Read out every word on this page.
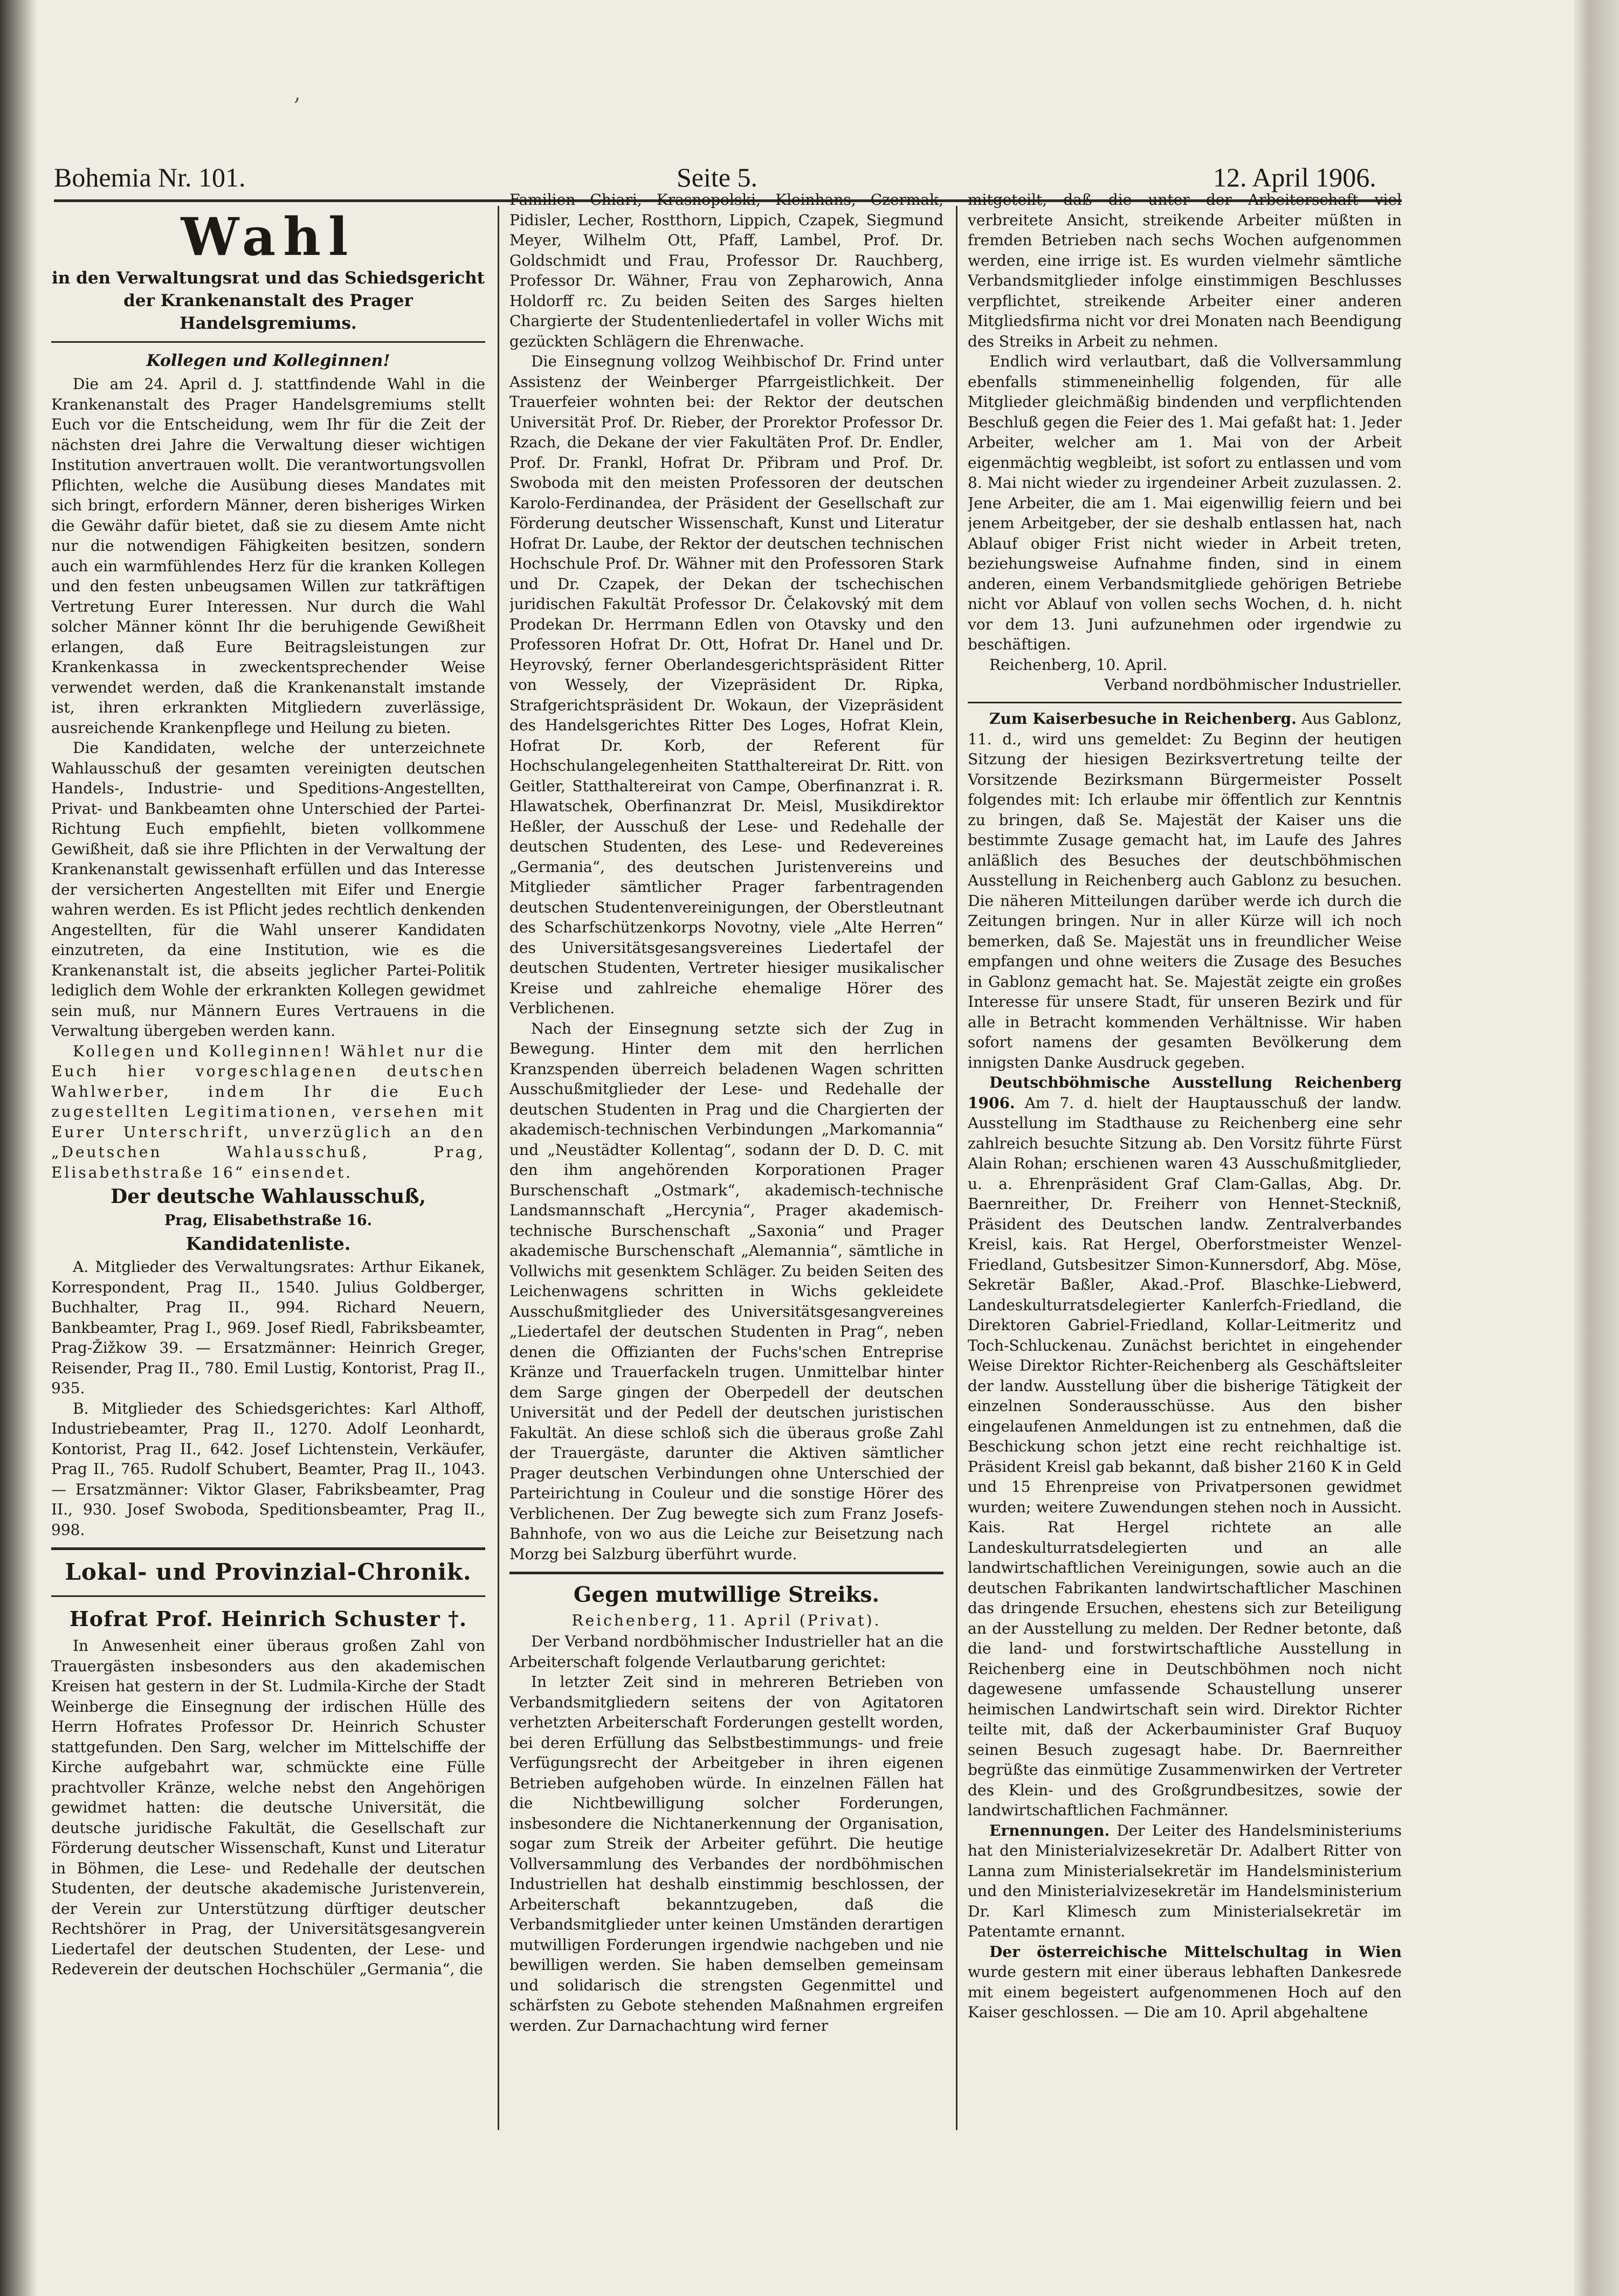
,
Bohemia Nr. 101.	Seite 5.	12. April 1906.

Wahl

in den Verwaltungsrat und das Schiedsgericht der Krankenanstalt des Prager Handelsgremiums.

Kollegen und Kolleginnen!

Die am 24. April d. J. stattfindende Wahl in die Krankenanstalt des Prager Handelsgremiums stellt Euch vor die Entscheidung, wem Ihr für die Zeit der nächsten drei Jahre die Verwaltung dieser wichtigen Institution anvertrauen wollt. Die verantwortungsvollen Pflichten, welche die Ausübung dieses Mandates mit sich bringt, erfordern Männer, deren bisheriges Wirken die Gewähr dafür bietet, daß sie zu diesem Amte nicht nur die notwendigen Fähigkeiten besitzen, sondern auch ein warmfühlendes Herz für die kranken Kollegen und den festen unbeugsamen Willen zur tatkräftigen Vertretung Eurer Interessen. Nur durch die Wahl solcher Männer könnt Ihr die beruhigende Gewißheit erlangen, daß Eure Beitragsleistungen zur Krankenkassa in zweckentsprechender Weise verwendet werden, daß die Krankenanstalt imstande ist, ihren erkrankten Mitgliedern zuverlässige, ausreichende Krankenpflege und Heilung zu bieten.

Die Kandidaten, welche der unterzeichnete Wahlausschuß der gesamten vereinigten deutschen Handels-, Industrie- und Speditions-Angestellten, Privat- und Bankbeamten ohne Unterschied der Partei-Richtung Euch empfiehlt, bieten vollkommene Gewißheit, daß sie ihre Pflichten in der Verwaltung der Krankenanstalt gewissenhaft erfüllen und das Interesse der versicherten Angestellten mit Eifer und Energie wahren werden. Es ist Pflicht jedes rechtlich denkenden Angestellten, für die Wahl unserer Kandidaten einzutreten, da eine Institution, wie es die Krankenanstalt ist, die abseits jeglicher Partei-Politik lediglich dem Wohle der erkrankten Kollegen gewidmet sein muß, nur Männern Eures Vertrauens in die Verwaltung übergeben werden kann.

Kollegen und Kolleginnen! Wählet nur die Euch hier vorgeschlagenen deutschen Wahlwerber, indem Ihr die Euch zugestellten Legitimationen, versehen mit Eurer Unterschrift, unverzüglich an den „Deutschen Wahlausschuß, Prag, Elisabethstraße 16“ einsendet.

Der deutsche Wahlausschuß,

Prag, Elisabethstraße 16.

Kandidatenliste.

A. Mitglieder des Verwaltungsrates: Arthur Eikanek, Korrespondent, Prag II., 1540. Julius Goldberger, Buchhalter, Prag II., 994. Richard Neuern, Bankbeamter, Prag I., 969. Josef Riedl, Fabriksbeamter, Prag-Žižkow 39. — Ersatzmänner: Heinrich Greger, Reisender, Prag II., 780. Emil Lustig, Kontorist, Prag II., 935.

B. Mitglieder des Schiedsgerichtes: Karl Althoff, Industriebeamter, Prag II., 1270. Adolf Leonhardt, Kontorist, Prag II., 642. Josef Lichtenstein, Verkäufer, Prag II., 765. Rudolf Schubert, Beamter, Prag II., 1043. — Ersatzmänner: Viktor Glaser, Fabriksbeamter, Prag II., 930. Josef Swoboda, Speditionsbeamter, Prag II., 998.

Lokal- und Provinzial-Chronik.

Hofrat Prof. Heinrich Schuster †.

In Anwesenheit einer überaus großen Zahl von Trauergästen insbesonders aus den akademischen Kreisen hat gestern in der St. Ludmila-Kirche der Stadt Weinberge die Einsegnung der irdischen Hülle des Herrn Hofrates Professor Dr. Heinrich Schuster stattgefunden. Den Sarg, welcher im Mittelschiffe der Kirche aufgebahrt war, schmückte eine Fülle prachtvoller Kränze, welche nebst den Angehörigen gewidmet hatten: die deutsche Universität, die deutsche juridische Fakultät, die Gesellschaft zur Förderung deutscher Wissenschaft, Kunst und Literatur in Böhmen, die Lese- und Redehalle der deutschen Studenten, der deutsche akademische Juristenverein, der Verein zur Unterstützung dürftiger deutscher Rechtshörer in Prag, der Universitätsgesangverein Liedertafel der deutschen Studenten, der Lese- und Redeverein der deutschen Hochschüler „Germania“, die

Familien Chiari, Krasnopolski, Kleinhans, Czermak, Pidisler, Lecher, Rostthorn, Lippich, Czapek, Siegmund Meyer, Wilhelm Ott, Pfaff, Lambel, Prof. Dr. Goldschmidt und Frau, Professor Dr. Rauchberg, Professor Dr. Wähner, Frau von Zepharowich, Anna Holdorff rc. Zu beiden Seiten des Sarges hielten Chargierte der Studentenliedertafel in voller Wichs mit gezückten Schlägern die Ehrenwache.

Die Einsegnung vollzog Weihbischof Dr. Frind unter Assistenz der Weinberger Pfarrgeistlichkeit. Der Trauerfeier wohnten bei: der Rektor der deutschen Universität Prof. Dr. Rieber, der Prorektor Professor Dr. Rzach, die Dekane der vier Fakultäten Prof. Dr. Endler, Prof. Dr. Frankl, Hofrat Dr. Přibram und Prof. Dr. Swoboda mit den meisten Professoren der deutschen Karolo-Ferdinandea, der Präsident der Gesellschaft zur Förderung deutscher Wissenschaft, Kunst und Literatur Hofrat Dr. Laube, der Rektor der deutschen technischen Hochschule Prof. Dr. Wähner mit den Professoren Stark und Dr. Czapek, der Dekan der tschechischen juridischen Fakultät Professor Dr. Čelakovský mit dem Prodekan Dr. Herrmann Edlen von Otavsky und den Professoren Hofrat Dr. Ott, Hofrat Dr. Hanel und Dr. Heyrovský, ferner Oberlandesgerichtspräsident Ritter von Wessely, der Vizepräsident Dr. Ripka, Strafgerichtspräsident Dr. Wokaun, der Vizepräsident des Handelsgerichtes Ritter Des Loges, Hofrat Klein, Hofrat Dr. Korb, der Referent für Hochschulangelegenheiten Statthaltereirat Dr. Ritt. von Geitler, Statthaltereirat von Campe, Oberfinanzrat i. R. Hlawatschek, Oberfinanzrat Dr. Meisl, Musikdirektor Heßler, der Ausschuß der Lese- und Redehalle der deutschen Studenten, des Lese- und Redevereines „Germania“, des deutschen Juristenvereins und Mitglieder sämtlicher Prager farbentragenden deutschen Studentenvereinigungen, der Oberstleutnant des Scharfschützenkorps Novotny, viele „Alte Herren“ des Universitätsgesangsvereines Liedertafel der deutschen Studenten, Vertreter hiesiger musikalischer Kreise und zahlreiche ehemalige Hörer des Verblichenen.

Nach der Einsegnung setzte sich der Zug in Bewegung. Hinter dem mit den herrlichen Kranzspenden überreich beladenen Wagen schritten Ausschußmitglieder der Lese- und Redehalle der deutschen Studenten in Prag und die Chargierten der akademisch-technischen Verbindungen „Markomannia“ und „Neustädter Kollentag“, sodann der D. D. C. mit den ihm angehörenden Korporationen Prager Burschenschaft „Ostmark“, akademisch-technische Landsmannschaft „Hercynia“, Prager akademisch-technische Burschenschaft „Saxonia“ und Prager akademische Burschenschaft „Alemannia“, sämtliche in Vollwichs mit gesenktem Schläger. Zu beiden Seiten des Leichenwagens schritten in Wichs gekleidete Ausschußmitglieder des Universitätsgesangvereines „Liedertafel der deutschen Studenten in Prag“, neben denen die Offizianten der Fuchs'schen Entreprise Kränze und Trauerfackeln trugen. Unmittelbar hinter dem Sarge gingen der Oberpedell der deutschen Universität und der Pedell der deutschen juristischen Fakultät. An diese schloß sich die überaus große Zahl der Trauergäste, darunter die Aktiven sämtlicher Prager deutschen Verbindungen ohne Unterschied der Parteirichtung in Couleur und die sonstige Hörer des Verblichenen. Der Zug bewegte sich zum Franz Josefs-Bahnhofe, von wo aus die Leiche zur Beisetzung nach Morzg bei Salzburg überführt wurde.

Gegen mutwillige Streiks.

Reichenberg, 11. April (Privat).

Der Verband nordböhmischer Industrieller hat an die Arbeiterschaft folgende Verlautbarung gerichtet:

In letzter Zeit sind in mehreren Betrieben von Verbandsmitgliedern seitens der von Agitatoren verhetzten Arbeiterschaft Forderungen gestellt worden, bei deren Erfüllung das Selbstbestimmungs- und freie Verfügungsrecht der Arbeitgeber in ihren eigenen Betrieben aufgehoben würde. In einzelnen Fällen hat die Nichtbewilligung solcher Forderungen, insbesondere die Nichtanerkennung der Organisation, sogar zum Streik der Arbeiter geführt. Die heutige Vollversammlung des Verbandes der nordböhmischen Industriellen hat deshalb einstimmig beschlossen, der Arbeiterschaft bekanntzugeben, daß die Verbandsmitglieder unter keinen Umständen derartigen mutwilligen Forderungen irgendwie nachgeben und nie bewilligen werden. Sie haben demselben gemeinsam und solidarisch die strengsten Gegenmittel und schärfsten zu Gebote stehenden Maßnahmen ergreifen werden. Zur Darnachachtung wird ferner

mitgeteilt, daß die unter der Arbeiterschaft viel verbreitete Ansicht, streikende Arbeiter müßten in fremden Betrieben nach sechs Wochen aufgenommen werden, eine irrige ist. Es wurden vielmehr sämtliche Verbandsmitglieder infolge einstimmigen Beschlusses verpflichtet, streikende Arbeiter einer anderen Mitgliedsfirma nicht vor drei Monaten nach Beendigung des Streiks in Arbeit zu nehmen.

Endlich wird verlautbart, daß die Vollversammlung ebenfalls stimmeneinhellig folgenden, für alle Mitglieder gleichmäßig bindenden und verpflichtenden Beschluß gegen die Feier des 1. Mai gefaßt hat: 1. Jeder Arbeiter, welcher am 1. Mai von der Arbeit eigenmächtig wegbleibt, ist sofort zu entlassen und vom 8. Mai nicht wieder zu irgendeiner Arbeit zuzulassen. 2. Jene Arbeiter, die am 1. Mai eigenwillig feiern und bei jenem Arbeitgeber, der sie deshalb entlassen hat, nach Ablauf obiger Frist nicht wieder in Arbeit treten, beziehungsweise Aufnahme finden, sind in einem anderen, einem Verbandsmitgliede gehörigen Betriebe nicht vor Ablauf von vollen sechs Wochen, d. h. nicht vor dem 13. Juni aufzunehmen oder irgendwie zu beschäftigen.

Reichenberg, 10. April.

Verband nordböhmischer Industrieller.

Zum Kaiserbesuche in Reichenberg. Aus Gablonz, 11. d., wird uns gemeldet: Zu Beginn der heutigen Sitzung der hiesigen Bezirksvertretung teilte der Vorsitzende Bezirksmann Bürgermeister Posselt folgendes mit: Ich erlaube mir öffentlich zur Kenntnis zu bringen, daß Se. Majestät der Kaiser uns die bestimmte Zusage gemacht hat, im Laufe des Jahres anläßlich des Besuches der deutschböhmischen Ausstellung in Reichenberg auch Gablonz zu besuchen. Die näheren Mitteilungen darüber werde ich durch die Zeitungen bringen. Nur in aller Kürze will ich noch bemerken, daß Se. Majestät uns in freundlicher Weise empfangen und ohne weiters die Zusage des Besuches in Gablonz gemacht hat. Se. Majestät zeigte ein großes Interesse für unsere Stadt, für unseren Bezirk und für alle in Betracht kommenden Verhältnisse. Wir haben sofort namens der gesamten Bevölkerung dem innigsten Danke Ausdruck gegeben.

Deutschböhmische Ausstellung Reichenberg 1906. Am 7. d. hielt der Hauptausschuß der landw. Ausstellung im Stadthause zu Reichenberg eine sehr zahlreich besuchte Sitzung ab. Den Vorsitz führte Fürst Alain Rohan; erschienen waren 43 Ausschußmitglieder, u. a. Ehrenpräsident Graf Clam-Gallas, Abg. Dr. Baernreither, Dr. Freiherr von Hennet-Steckniß, Präsident des Deutschen landw. Zentralverbandes Kreisl, kais. Rat Hergel, Oberforstmeister Wenzel-Friedland, Gutsbesitzer Simon-Kunnersdorf, Abg. Möse, Sekretär Baßler, Akad.-Prof. Blaschke-Liebwerd, Landeskulturratsdelegierter Kanlerfch-Friedland, die Direktoren Gabriel-Friedland, Kollar-Leitmeritz und Toch-Schluckenau. Zunächst berichtet in eingehender Weise Direktor Richter-Reichenberg als Geschäftsleiter der landw. Ausstellung über die bisherige Tätigkeit der einzelnen Sonderausschüsse. Aus den bisher eingelaufenen Anmeldungen ist zu entnehmen, daß die Beschickung schon jetzt eine recht reichhaltige ist. Präsident Kreisl gab bekannt, daß bisher 2160 K in Geld und 15 Ehrenpreise von Privatpersonen gewidmet wurden; weitere Zuwendungen stehen noch in Aussicht. Kais. Rat Hergel richtete an alle Landeskulturratsdelegierten und an alle landwirtschaftlichen Vereinigungen, sowie auch an die deutschen Fabrikanten landwirtschaftlicher Maschinen das dringende Ersuchen, ehestens sich zur Beteiligung an der Ausstellung zu melden. Der Redner betonte, daß die land- und forstwirtschaftliche Ausstellung in Reichenberg eine in Deutschböhmen noch nicht dagewesene umfassende Schaustellung unserer heimischen Landwirtschaft sein wird. Direktor Richter teilte mit, daß der Ackerbauminister Graf Buquoy seinen Besuch zugesagt habe. Dr. Baernreither begrüßte das einmütige Zusammenwirken der Vertreter des Klein- und des Großgrundbesitzes, sowie der landwirtschaftlichen Fachmänner.

Ernennungen. Der Leiter des Handelsministeriums hat den Ministerialvizesekretär Dr. Adalbert Ritter von Lanna zum Ministerialsekretär im Handelsministerium und den Ministerialvizesekretär im Handelsministerium Dr. Karl Klimesch zum Ministerialsekretär im Patentamte ernannt.

Der österreichische Mittelschultag in Wien wurde gestern mit einer überaus lebhaften Dankesrede mit einem begeistert aufgenommenen Hoch auf den Kaiser geschlossen. — Die am 10. April abgehaltene
